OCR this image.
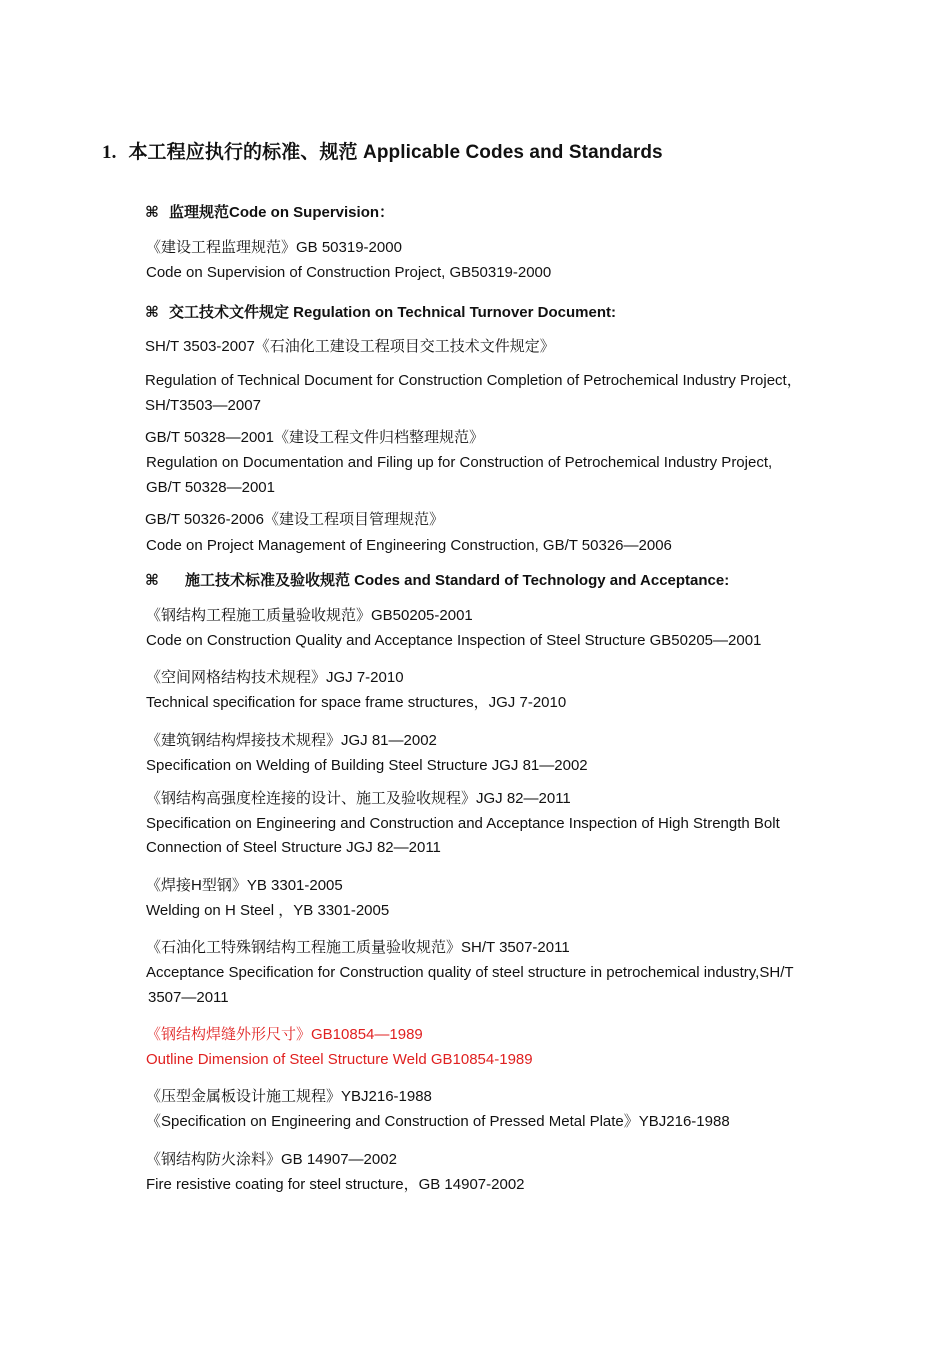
1. 本工程应执行的标准、规范 Applicable Codes and Standards
⌘ 监理规范Code on Supervision：
《建设工程监理规范》GB 50319-2000
Code on Supervision of Construction Project, GB50319-2000
⌘ 交工技术文件规定 Regulation on Technical Turnover Document:
SH/T 3503-2007《石油化工建设工程项目交工技术文件规定》
Regulation of Technical Document for Construction Completion of Petrochemical Industry Project，
SH/T3503—2007
GB/T 50328—2001《建设工程文件归档整理规范》
Regulation on Documentation and Filing up for Construction of Petrochemical Industry Project,
GB/T 50328—2001
GB/T 50326-2006《建设工程项目管理规范》
Code on Project Management of Engineering Construction, GB/T 50326—2006
⌘ 施工技术标准及验收规范 Codes and Standard of Technology and Acceptance:
《钢结构工程施工质量验收规范》GB50205-2001
Code on Construction Quality and Acceptance Inspection of Steel Structure GB50205—2001
《空间网格结构技术规程》JGJ 7-2010
Technical specification for space frame structures，JGJ 7-2010
《建筑钢结构焊接技术规程》JGJ 81—2002
Specification on Welding of Building Steel Structure JGJ 81—2002
《钢结构高强度栓连接的设计、施工及验收规程》JGJ 82—2011
Specification on Engineering and Construction and Acceptance Inspection of High Strength Bolt
Connection of Steel Structure JGJ 82—2011
《焊接H型钢》YB 3301-2005
Welding on H Steel ，YB 3301-2005
《石油化工特殊钢结构工程施工质量验收规范》SH/T 3507-2011
Acceptance Specification for Construction quality of steel structure in petrochemical industry,SH/T
3507—2011
《钢结构焊缝外形尺寸》GB10854—1989
Outline Dimension of Steel Structure Weld GB10854-1989
《压型金属板设计施工规程》YBJ216-1988
《Specification on Engineering and Construction of Pressed Metal Plate》YBJ216-1988
《钢结构防火涂料》GB 14907—2002
Fire resistive coating for steel structure，GB 14907-2002
